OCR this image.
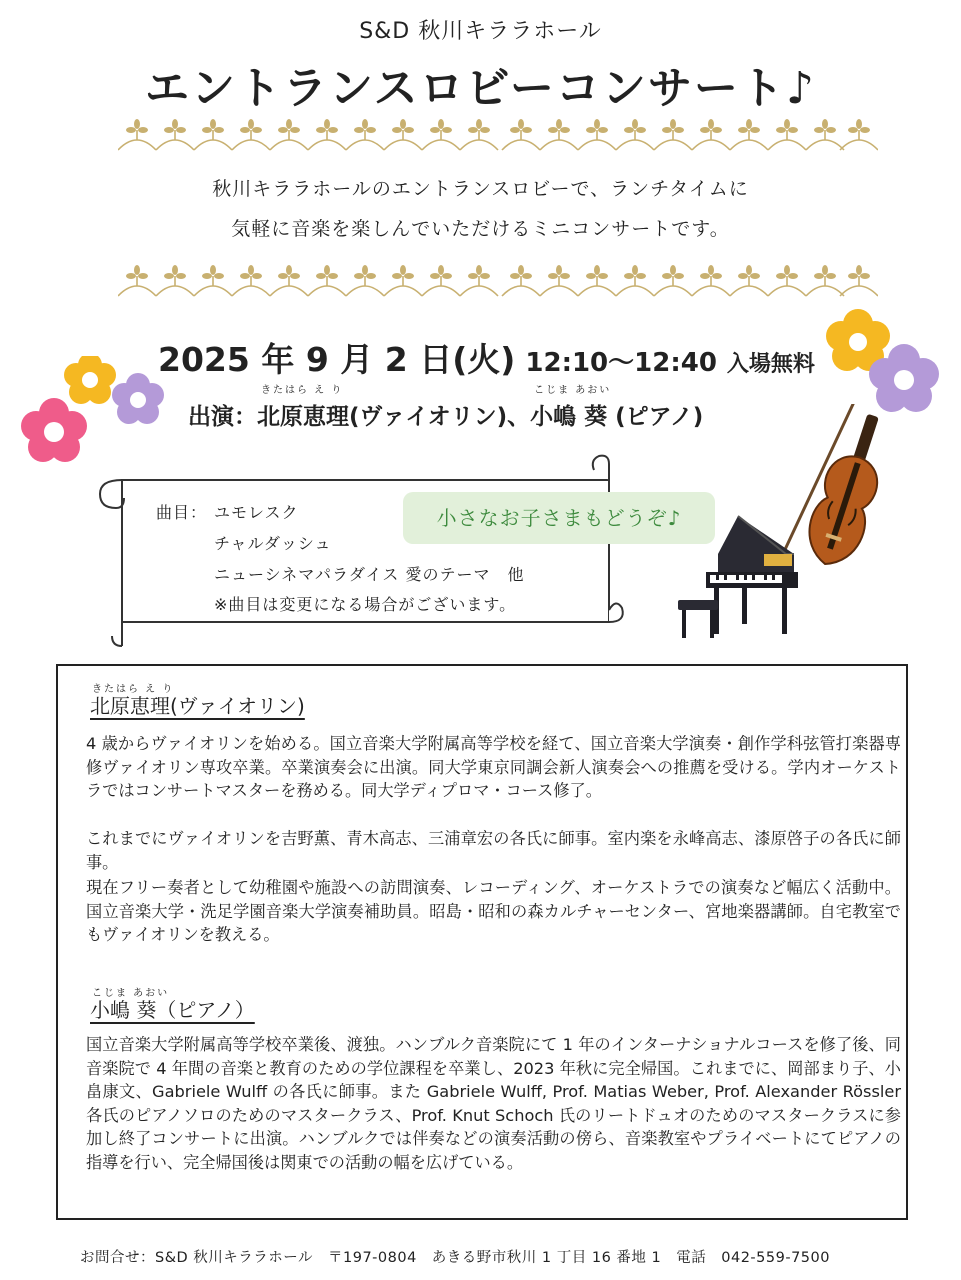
S&D 秋川キララホール
エントランスロビーコンサート♪
秋川キララホールのエントランスロビーで、ランチタイムに
気軽に音楽を楽しんでいただけるミニコンサートです。
2025 年 9 月 2 日(火) 12:10〜12:40 入場無料
出演：
きたはら え り
北原恵理(ヴァイオリン)、
こじま あおい
小嶋 葵 (ピアノ)
曲目： ユモレスク
チャルダッシュ
ニューシネマパラダイス 愛のテーマ　他
※曲目は変更になる場合がございます。
小さなお子さまもどうぞ♪
きたはら え り
北原恵理(ヴァイオリン)

4 歳からヴァイオリンを始める。国立音楽大学附属高等学校を経て、国立音楽大学演奏・創作学科弦管打楽器専修ヴァイオリン専攻卒業。卒業演奏会に出演。同大学東京同調会新人演奏会への推薦を受ける。学内オーケストラではコンサートマスターを務める。同大学ディプロマ・コース修了。

これまでにヴァイオリンを吉野薫、青木高志、三浦章宏の各氏に師事。室内楽を永峰高志、漆原啓子の各氏に師事。

現在フリー奏者として幼稚園や施設への訪問演奏、レコーディング、オーケストラでの演奏など幅広く活動中。国立音楽大学・洗足学園音楽大学演奏補助員。昭島・昭和の森カルチャーセンター、宮地楽器講師。自宅教室でもヴァイオリンを教える。

こじま あおい
小嶋 葵（ピアノ）

国立音楽大学附属高等学校卒業後、渡独。ハンブルク音楽院にて 1 年のインターナショナルコースを修了後、同音楽院で 4 年間の音楽と教育のための学位課程を卒業し、2023 年秋に完全帰国。これまでに、岡部まり子、小畠康文、Gabriele Wulff の各氏に師事。また Gabriele Wulff, Prof. Matias Weber, Prof. Alexander Rössler 各氏のピアノソロのためのマスタークラス、Prof. Knut Schoch 氏のリートドュオのためのマスタークラスに参加し終了コンサートに出演。ハンブルクでは伴奏などの演奏活動の傍ら、音楽教室やプライベートにてピアノの指導を行い、完全帰国後は関東での活動の幅を広げている。

お問合せ：S&D 秋川キララホール　〒197-0804　あきる野市秋川 1 丁目 16 番地 1　電話　042-559-7500
